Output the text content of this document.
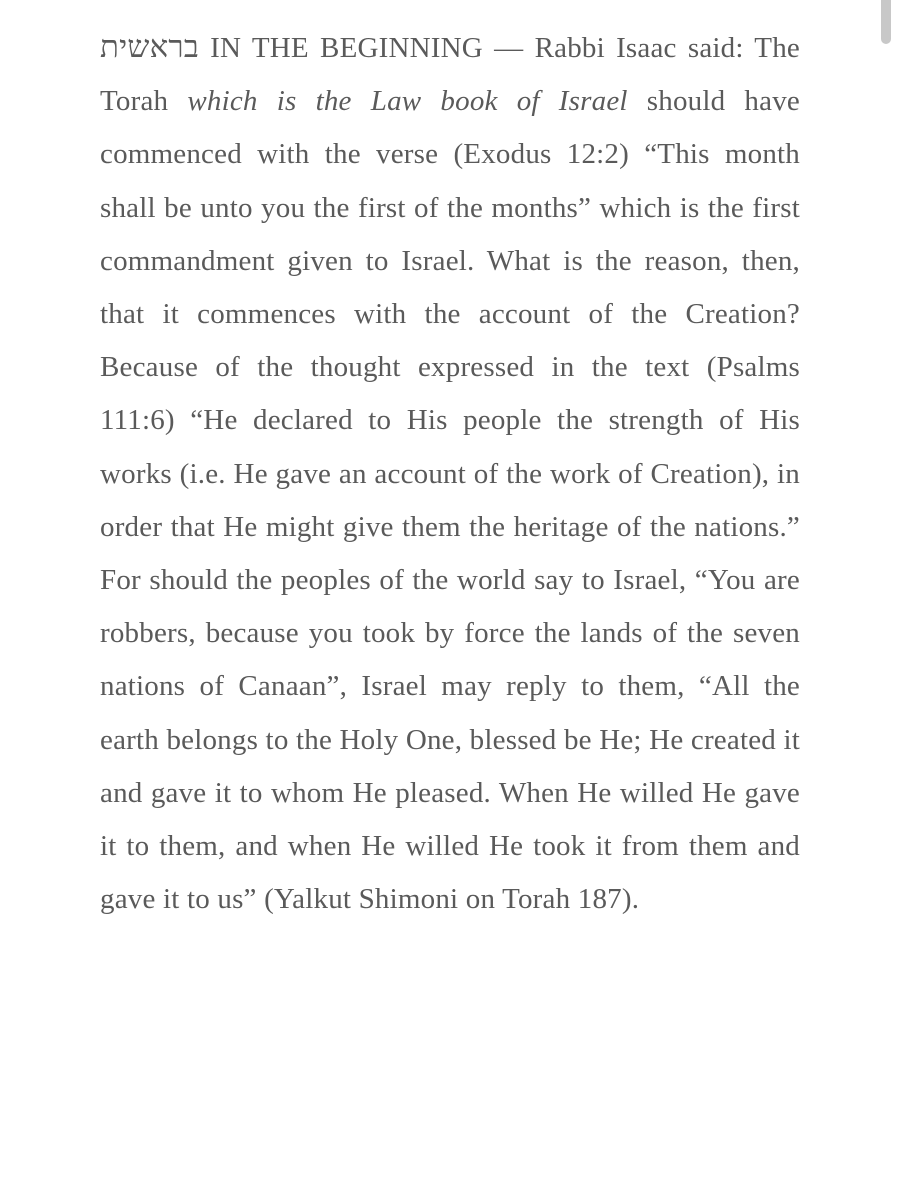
בראשית IN THE BEGINNING — Rabbi Isaac said: The Torah which is the Law book of Israel should have commenced with the verse (Exodus 12:2) “This month shall be unto you the first of the months” which is the first commandment given to Israel. What is the reason, then, that it commences with the account of the Creation? Because of the thought expressed in the text (Psalms 111:6) “He declared to His people the strength of His works (i.e. He gave an account of the work of Creation), in order that He might give them the heritage of the nations.” For should the peoples of the world say to Israel, “You are robbers, because you took by force the lands of the seven nations of Canaan”, Israel may reply to them, “All the earth belongs to the Holy One, blessed be He; He created it and gave it to whom He pleased. When He willed He gave it to them, and when He willed He took it from them and gave it to us” (Yalkut Shimoni on Torah 187).
